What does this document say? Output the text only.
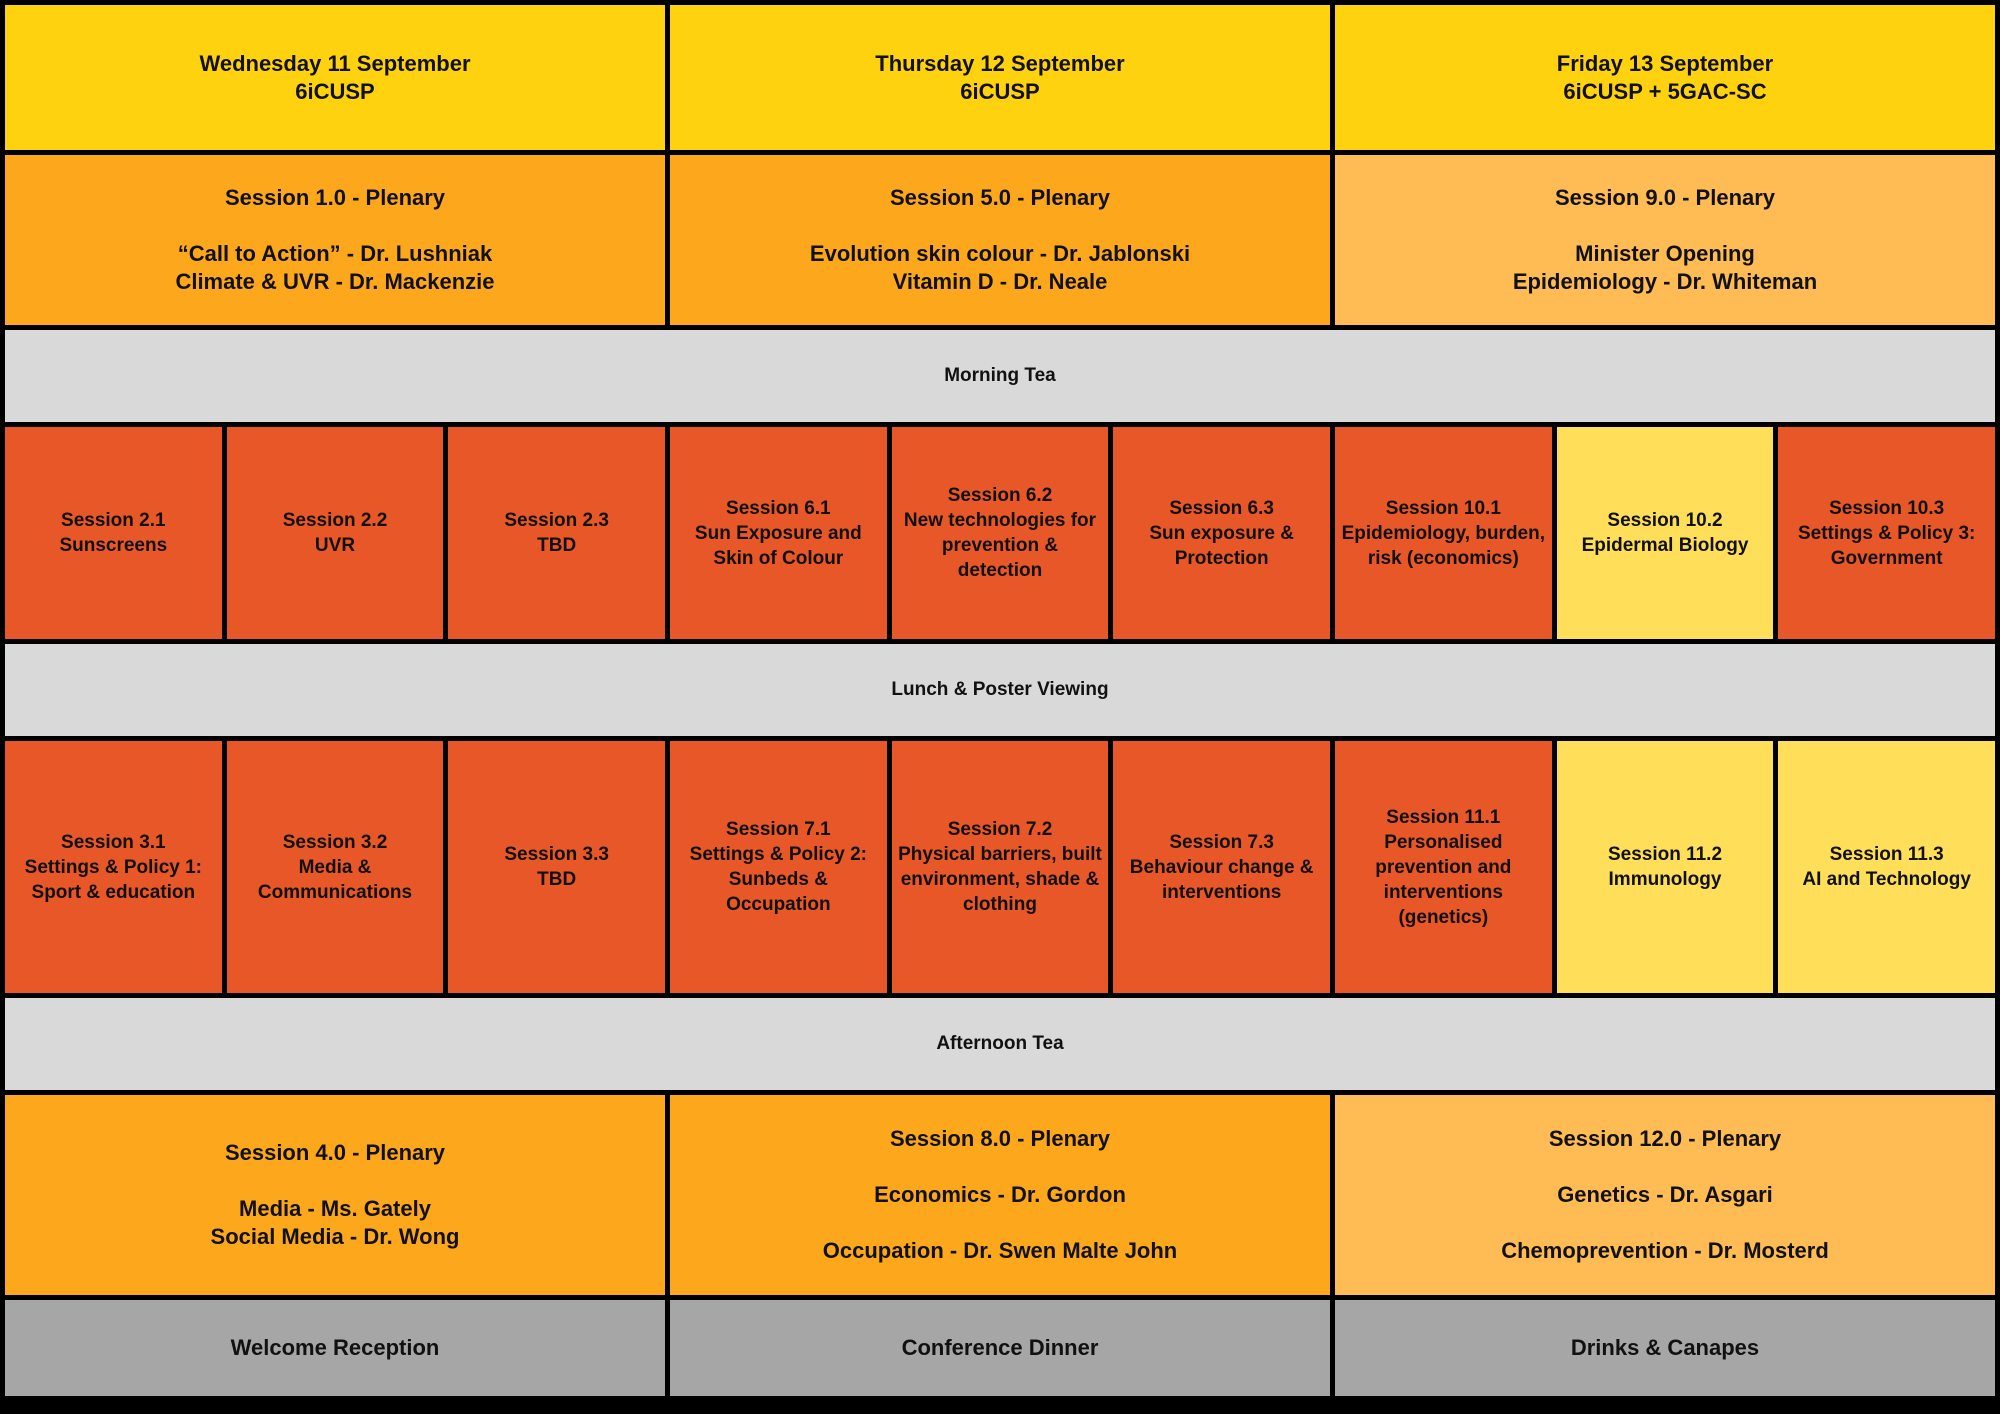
Wednesday 11 September
6iCUSP
Thursday 12 September
6iCUSP
Friday 13 September
6iCUSP + 5GAC-SC
Session 1.0 - Plenary
“Call to Action” - Dr. Lushniak
Climate & UVR - Dr. Mackenzie
Session 5.0 - Plenary
Evolution skin colour - Dr. Jablonski
Vitamin D - Dr. Neale
Session 9.0 - Plenary
Minister Opening
Epidemiology - Dr. Whiteman
Morning Tea
Session 2.1
Sunscreens
Session 2.2
UVR
Session 2.3
TBD
Session 6.1
Sun Exposure and Skin of Colour
Session 6.2
New technologies for prevention & detection
Session 6.3
Sun exposure & Protection
Session 10.1
Epidemiology, burden, risk (economics)
Session 10.2
Epidermal Biology
Session 10.3
Settings & Policy 3: Government
Lunch & Poster Viewing
Session 3.1
Settings & Policy 1: Sport & education
Session 3.2
Media & Communications
Session 3.3
TBD
Session 7.1
Settings & Policy 2: Sunbeds & Occupation
Session 7.2
Physical barriers, built environment, shade & clothing
Session 7.3
Behaviour change & interventions
Session 11.1
Personalised prevention and interventions (genetics)
Session 11.2
Immunology
Session 11.3
AI and Technology
Afternoon Tea
Session 4.0 - Plenary
Media - Ms. Gately
Social Media - Dr. Wong
Session 8.0 - Plenary
Economics - Dr. Gordon
Occupation - Dr. Swen Malte John
Session 12.0 - Plenary
Genetics - Dr. Asgari
Chemoprevention - Dr. Mosterd
Welcome Reception	Conference Dinner	Drinks & Canapes
